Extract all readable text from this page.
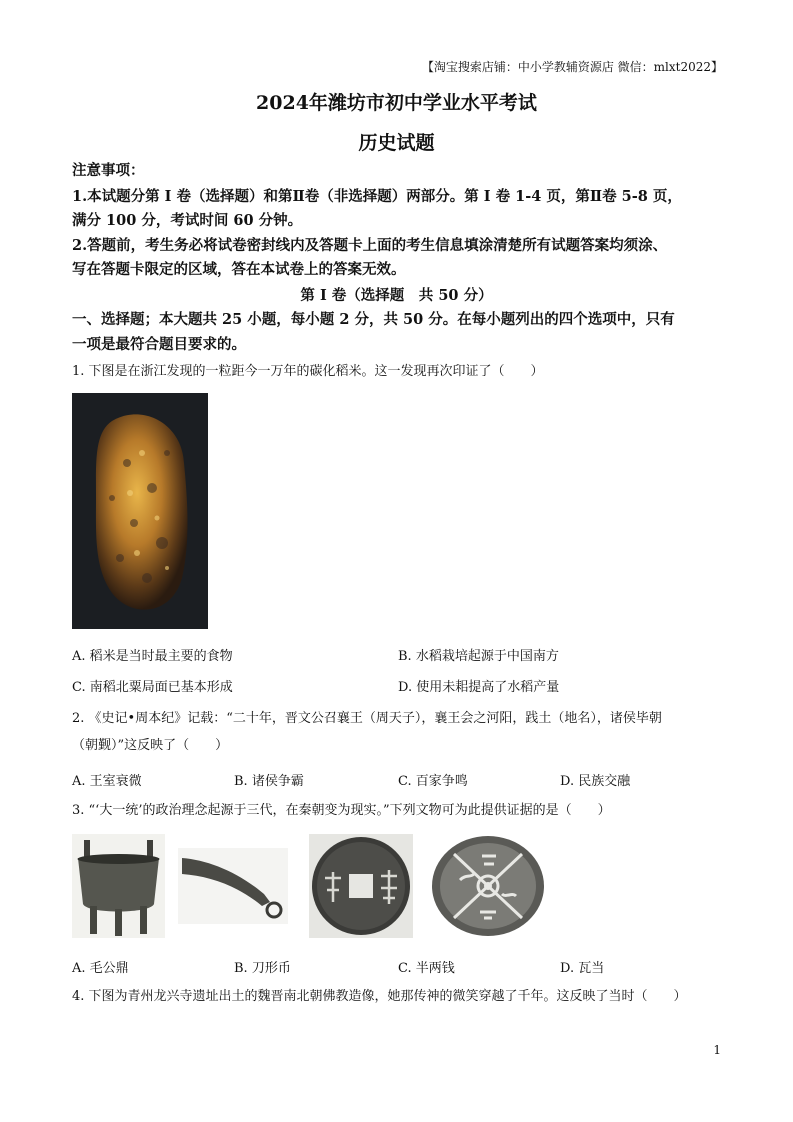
【淘宝搜索店铺：中小学教辅资源店 微信：mlxt2022】
2024年潍坊市初中学业水平考试
历史试题
注意事项：
1.本试题分第 I 卷（选择题）和第Ⅱ卷（非选择题）两部分。第 I 卷 1-4 页，第Ⅱ卷 5-8 页，
满分 100 分，考试时间 60 分钟。
2.答题前，考生务必将试卷密封线内及答题卡上面的考生信息填涂清楚所有试题答案均须涂、
写在答题卡限定的区域，答在本试卷上的答案无效。
第 I 卷（选择题　共 50 分）
一、选择题；本大题共 25 小题，每小题 2 分，共 50 分。在每小题列出的四个选项中，只有
一项是最符合题目要求的。
1. 下图是在浙江发现的一粒距今一万年的碳化稻米。这一发现再次印证了（　　）
A. 稻米是当时最主要的食物	B. 水稻栽培起源于中国南方
C. 南稻北粟局面已基本形成	D. 使用未耜提高了水稻产量
2. 《史记•周本纪》记载：“二十年，晋文公召襄王（周天子），襄王会之河阳，践土（地名），诸侯毕朝
（朝觐）”这反映了（　　）
A. 王室衰微	B. 诸侯争霸	C. 百家争鸣	D. 民族交融
3. “‘大一统’的政治理念起源于三代，在秦朝变为现实。”下列文物可为此提供证据的是（　　）
A. 毛公鼎	B. 刀形币	C. 半两钱	D. 瓦当
4. 下图为青州龙兴寺遗址出土的魏晋南北朝佛教造像，她那传神的微笑穿越了千年。这反映了当时（　　）
1
